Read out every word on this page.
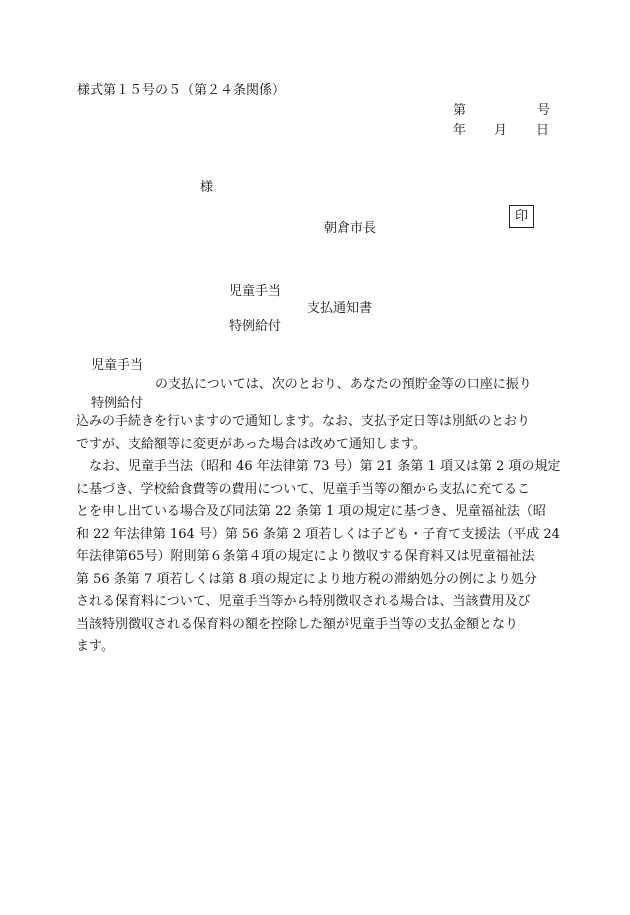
様式第１５号の５（第２４条関係）
第	号
年 月 日
様
印
朝倉市長
児童手当
支払通知書
特例給付
児童手当
の支払については、次のとおり、あなたの預貯金等の口座に振り
特例給付
込みの手続きを行いますので通知します。なお、支払予定日等は別紙のとおり
ですが、支給額等に変更があった場合は改めて通知します。
　なお、児童手当法（昭和 46 年法律第 73 号）第 21 条第 1 項又は第 2 項の規定
に基づき、学校給食費等の費用について、児童手当等の額から支払に充てるこ
とを申し出ている場合及び同法第 22 条第 1 項の規定に基づき、児童福祉法（昭
和 22 年法律第 164 号）第 56 条第 2 項若しくは子ども・子育て支援法（平成 24
年法律第65号）附則第６条第４項の規定により徴収する保育料又は児童福祉法
第 56 条第 7 項若しくは第 8 項の規定により地方税の滞納処分の例により処分
される保育料について、児童手当等から特別徴収される場合は、当該費用及び
当該特別徴収される保育料の額を控除した額が児童手当等の支払金額となり
ます。
